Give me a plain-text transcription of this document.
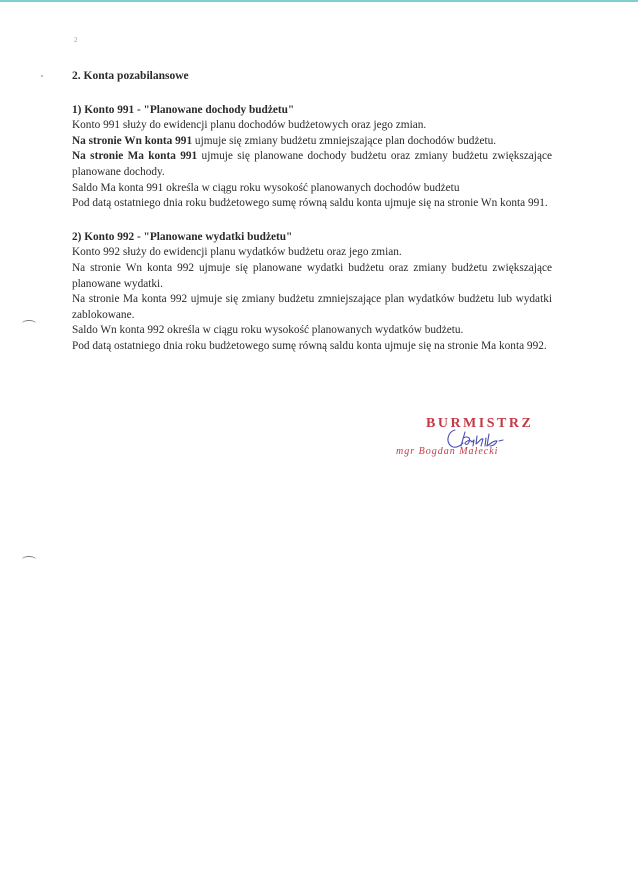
2

2. Konta pozabilansowe

1) Konto 991 - "Planowane dochody budżetu"

Konto 991 służy do ewidencji planu dochodów budżetowych oraz jego zmian.

Na stronie Wn konta 991 ujmuje się zmiany budżetu zmniejszające plan dochodów budżetu.

Na stronie Ma konta 991 ujmuje się planowane dochody budżetu oraz zmiany budżetu zwiększające planowane dochody.

Saldo Ma konta 991 określa w ciągu roku wysokość planowanych dochodów budżetu

Pod datą ostatniego dnia roku budżetowego sumę równą saldu konta ujmuje się na stronie Wn konta 991.

2) Konto 992 - "Planowane wydatki budżetu"

Konto 992 służy do ewidencji planu wydatków budżetu oraz jego zmian.

Na stronie Wn konta 992 ujmuje się planowane wydatki budżetu oraz zmiany budżetu zwiększające planowane wydatki.

Na stronie Ma konta 992 ujmuje się zmiany budżetu zmniejszające plan wydatków budżetu lub wydatki zablokowane.

Saldo Wn konta 992 określa w ciągu roku wysokość planowanych wydatków budżetu.

Pod datą ostatniego dnia roku budżetowego sumę równą saldu konta ujmuje się na stronie Ma konta 992.

BURMISTRZ
mgr Bogdan Małecki
